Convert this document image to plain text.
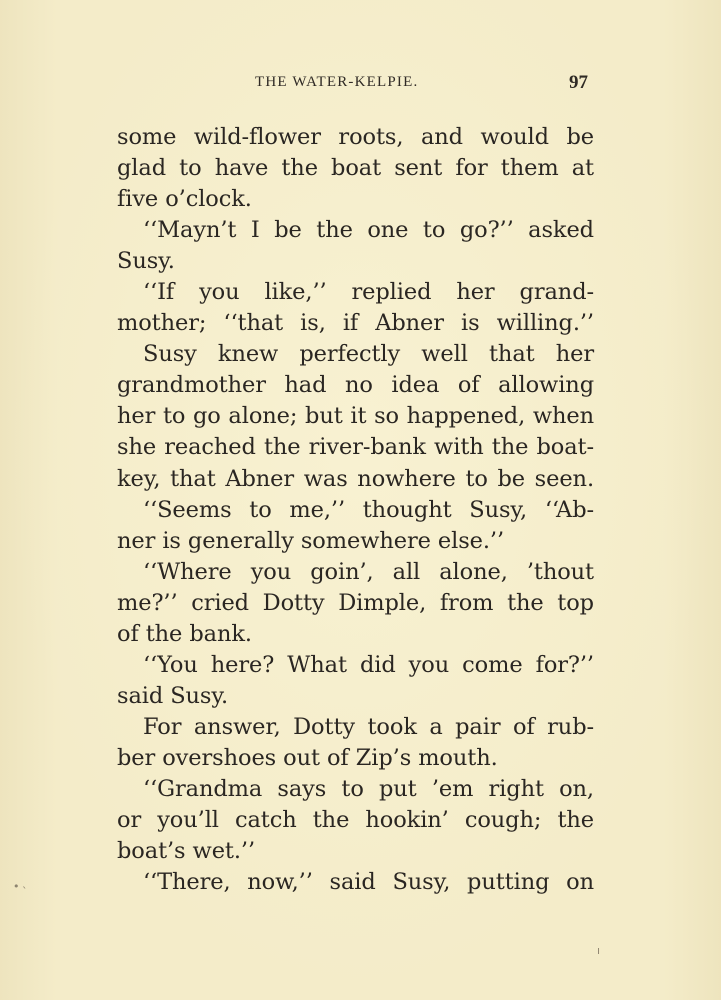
THE WATER-KELPIE.	97
some wild-flower roots, and would be
glad to have the boat sent for them at
five o’clock.
‘‘Mayn’t I be the one to go?’’ asked
Susy.
‘‘If you like,’’ replied her grand-
mother; ‘‘that is, if Abner is willing.’’
Susy knew perfectly well that her
grandmother had no idea of allowing
her to go alone; but it so happened, when
she reached the river-bank with the boat-
key, that Abner was nowhere to be seen.
‘‘Seems to me,’’ thought Susy, ‘‘Ab-
ner is generally somewhere else.’’
‘‘Where you goin’, all alone, ’thout
me?’’ cried Dotty Dimple, from the top
of the bank.
‘‘You here? What did you come for?’’
said Susy.
For answer, Dotty took a pair of rub-
ber overshoes out of Zip’s mouth.
‘‘Grandma says to put ’em right on,
or you’ll catch the hookin’ cough; the
boat’s wet.’’
‘‘There, now,’’ said Susy, putting on
• ˋ
ı
